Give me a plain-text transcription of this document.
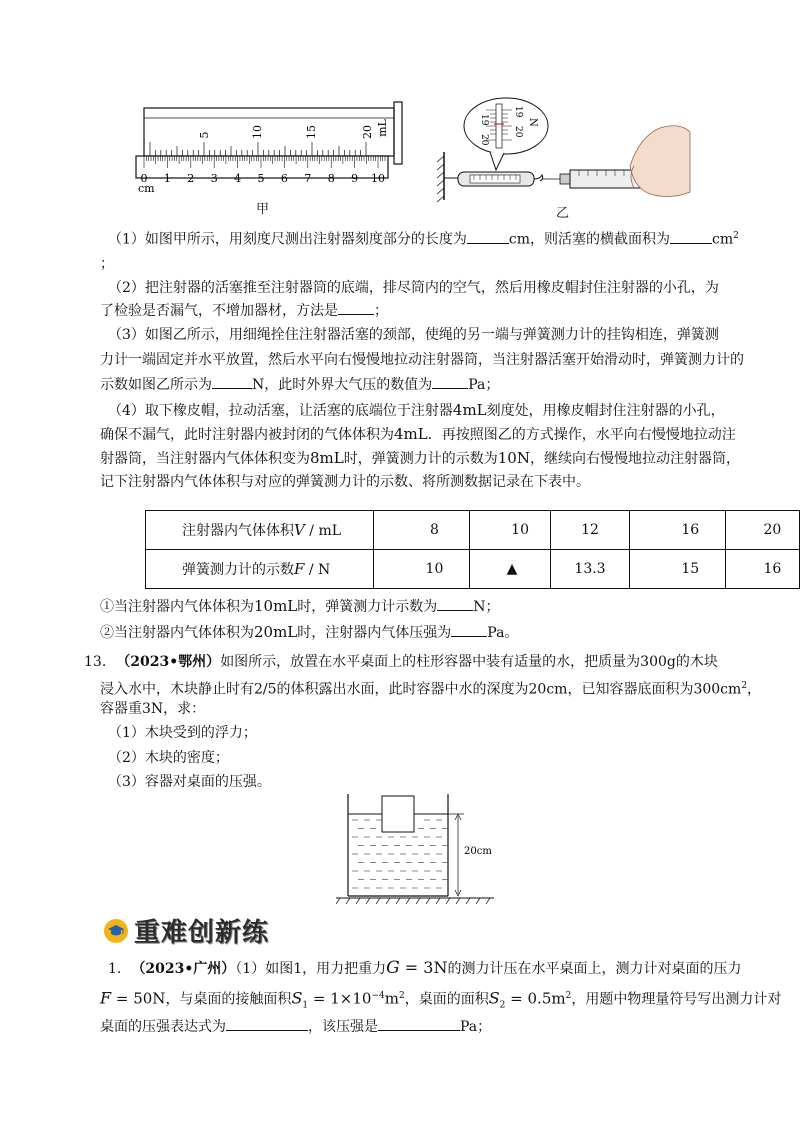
5	10	15	20 mL
0 1 2 3 4 5 6 7 8 9 10
cm
甲
19
20
19
20
N
乙
（1）如图甲所示，用刻度尺测出注射器刻度部分的长度为	cm，则活塞的横截面积为	$cm^2$
；
（2）把注射器的活塞推至注射器筒的底端，排尽筒内的空气，然后用橡皮帽封住注射器的小孔，为
了检验是否漏气，不增加器材，方法是	；
（3）如图乙所示，用细绳拴住注射器活塞的颈部，使绳的另一端与弹簧测力计的挂钩相连，弹簧测
力计一端固定并水平放置，然后水平向右慢慢地拉动注射器筒，当注射器活塞开始滑动时，弹簧测力计的
示数如图乙所示为	N，此时外界大气压的数值为	Pa；
（4）取下橡皮帽，拉动活塞，让活塞的底端位于注射器4mL刻度处，用橡皮帽封住注射器的小孔，
确保不漏气，此时注射器内被封闭的气体体积为4mL．再按照图乙的方式操作，水平向右慢慢地拉动注
射器筒，当注射器内气体体积变为8mL时，弹簧测力计的示数为10N，继续向右慢慢地拉动注射器筒，
记下注射器内气体体积与对应的弹簧测力计的示数、将所测数据记录在下表中。
注射器内气体体积V / mL	8	10	12	16	20
弹簧测力计的示数F / N	10	▲	13.3	15	16
①当注射器内气体体积为10mL时，弹簧测力计示数为	N；
②当注射器内气体体积为20mL时，注射器内气体压强为	Pa。
13. （2023•鄂州）如图所示，放置在水平桌面上的柱形容器中装有适量的水，把质量为300g的木块
浸入水中，木块静止时有2/5的体积露出水面，此时容器中水的深度为20cm，已知容器底面积为$300cm^2$，
容器重3N，求：
（1）木块受到的浮力；
（2）木块的密度；
（3）容器对桌面的压强。
20cm
重难创新练
1. （2023•广州）（1）如图1，用力把重力G = 3N的测力计压在水平桌面上，测力计对桌面的压力
F = 50N，与桌面的接触面积$S_1 = 1\times 10^{-4}m^2$，桌面的面积$S_2 = 0.5m^2$，用题中物理量符号写出测力计对
桌面的压强表达式为	，该压强是	Pa；
